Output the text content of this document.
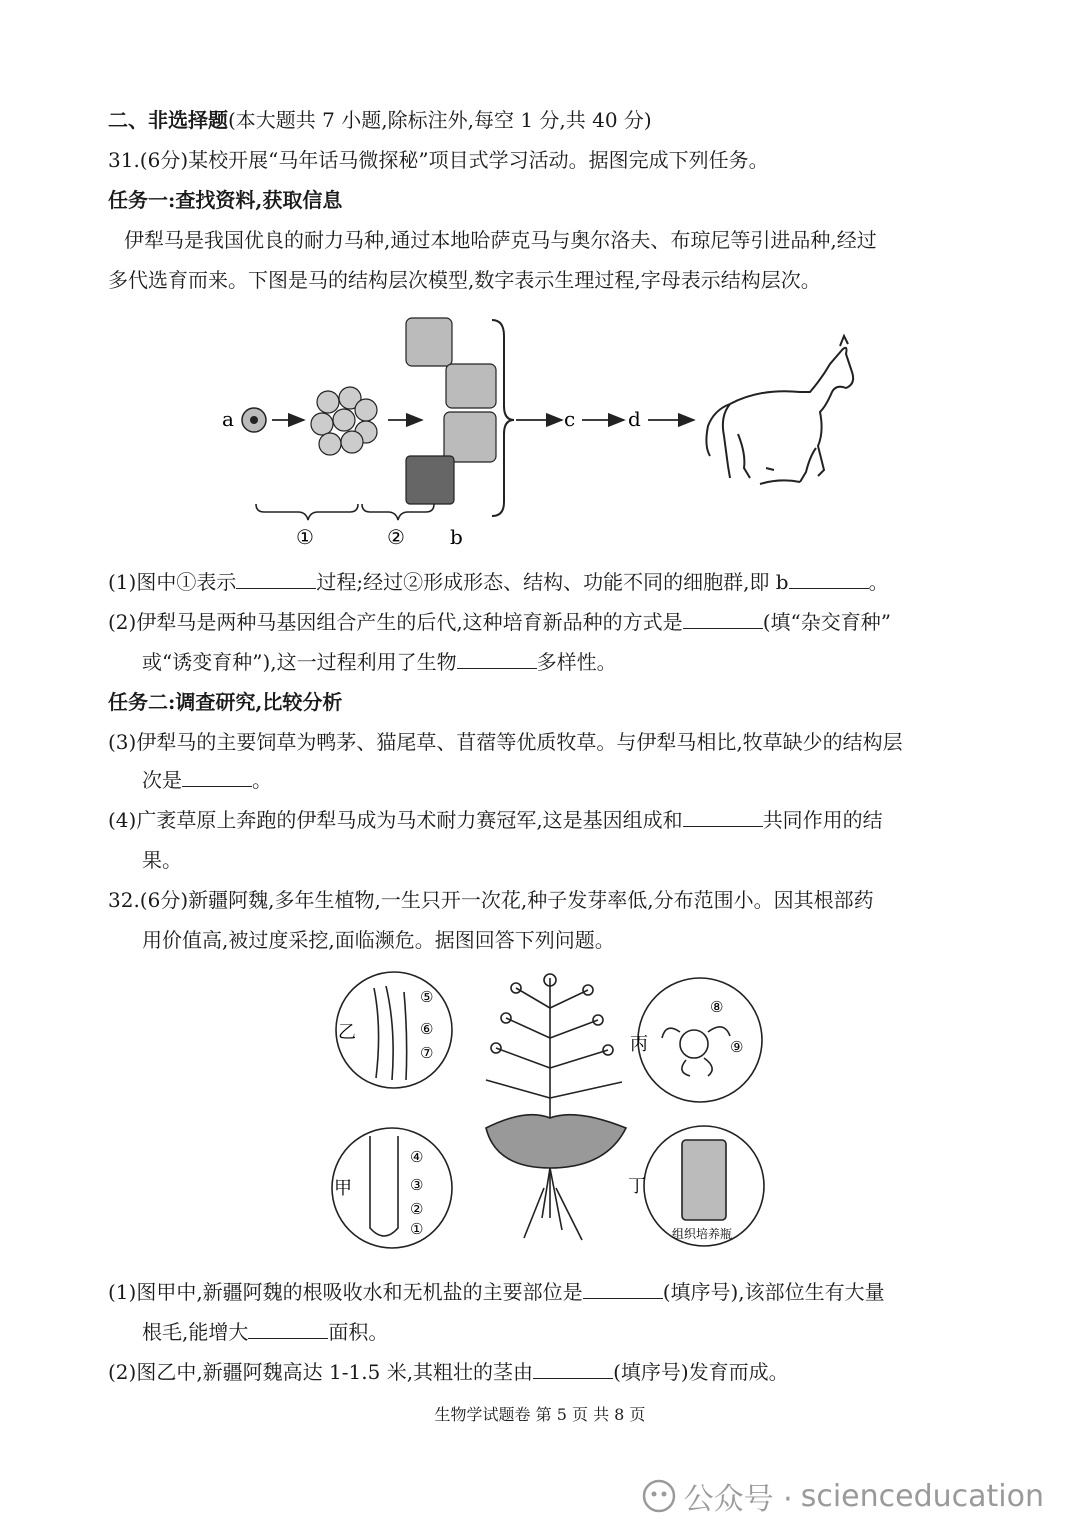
二、非选择题(本大题共 7 小题,除标注外,每空 1 分,共 40 分)
31.(6分)某校开展“马年话马微探秘”项目式学习活动。据图完成下列任务。
任务一:查找资料,获取信息
伊犁马是我国优良的耐力马种,通过本地哈萨克马与奥尔洛夫、布琼尼等引进品种,经过
多代选育而来。下图是马的结构层次模型,数字表示生理过程,字母表示结构层次。
a	c	d
①	② b
(1)图中①表示	过程;经过②形成形态、结构、功能不同的细胞群,即 b	。
(2)伊犁马是两种马基因组合产生的后代,这种培育新品种的方式是	(填“杂交育种”
或“诱变育种”),这一过程利用了生物	多样性。
任务二:调查研究,比较分析
(3)伊犁马的主要饲草为鸭茅、猫尾草、苜蓿等优质牧草。与伊犁马相比,牧草缺少的结构层
次是	。
(4)广袤草原上奔跑的伊犁马成为马术耐力赛冠军,这是基因组成和	共同作用的结
果。
32.(6分)新疆阿魏,多年生植物,一生只开一次花,种子发芽率低,分布范围小。因其根部药
用价值高,被过度采挖,面临濒危。据图回答下列问题。
乙
⑤
⑥
⑦	丙
⑧
⑨
甲
④
③
②
①
丁
组织培养瓶
(1)图甲中,新疆阿魏的根吸收水和无机盐的主要部位是	(填序号),该部位生有大量
根毛,能增大	面积。
(2)图乙中,新疆阿魏高达 1-1.5 米,其粗壮的茎由	(填序号)发育而成。
生物学试题卷 第 5 页 共 8 页
公众号 · scienceducation
